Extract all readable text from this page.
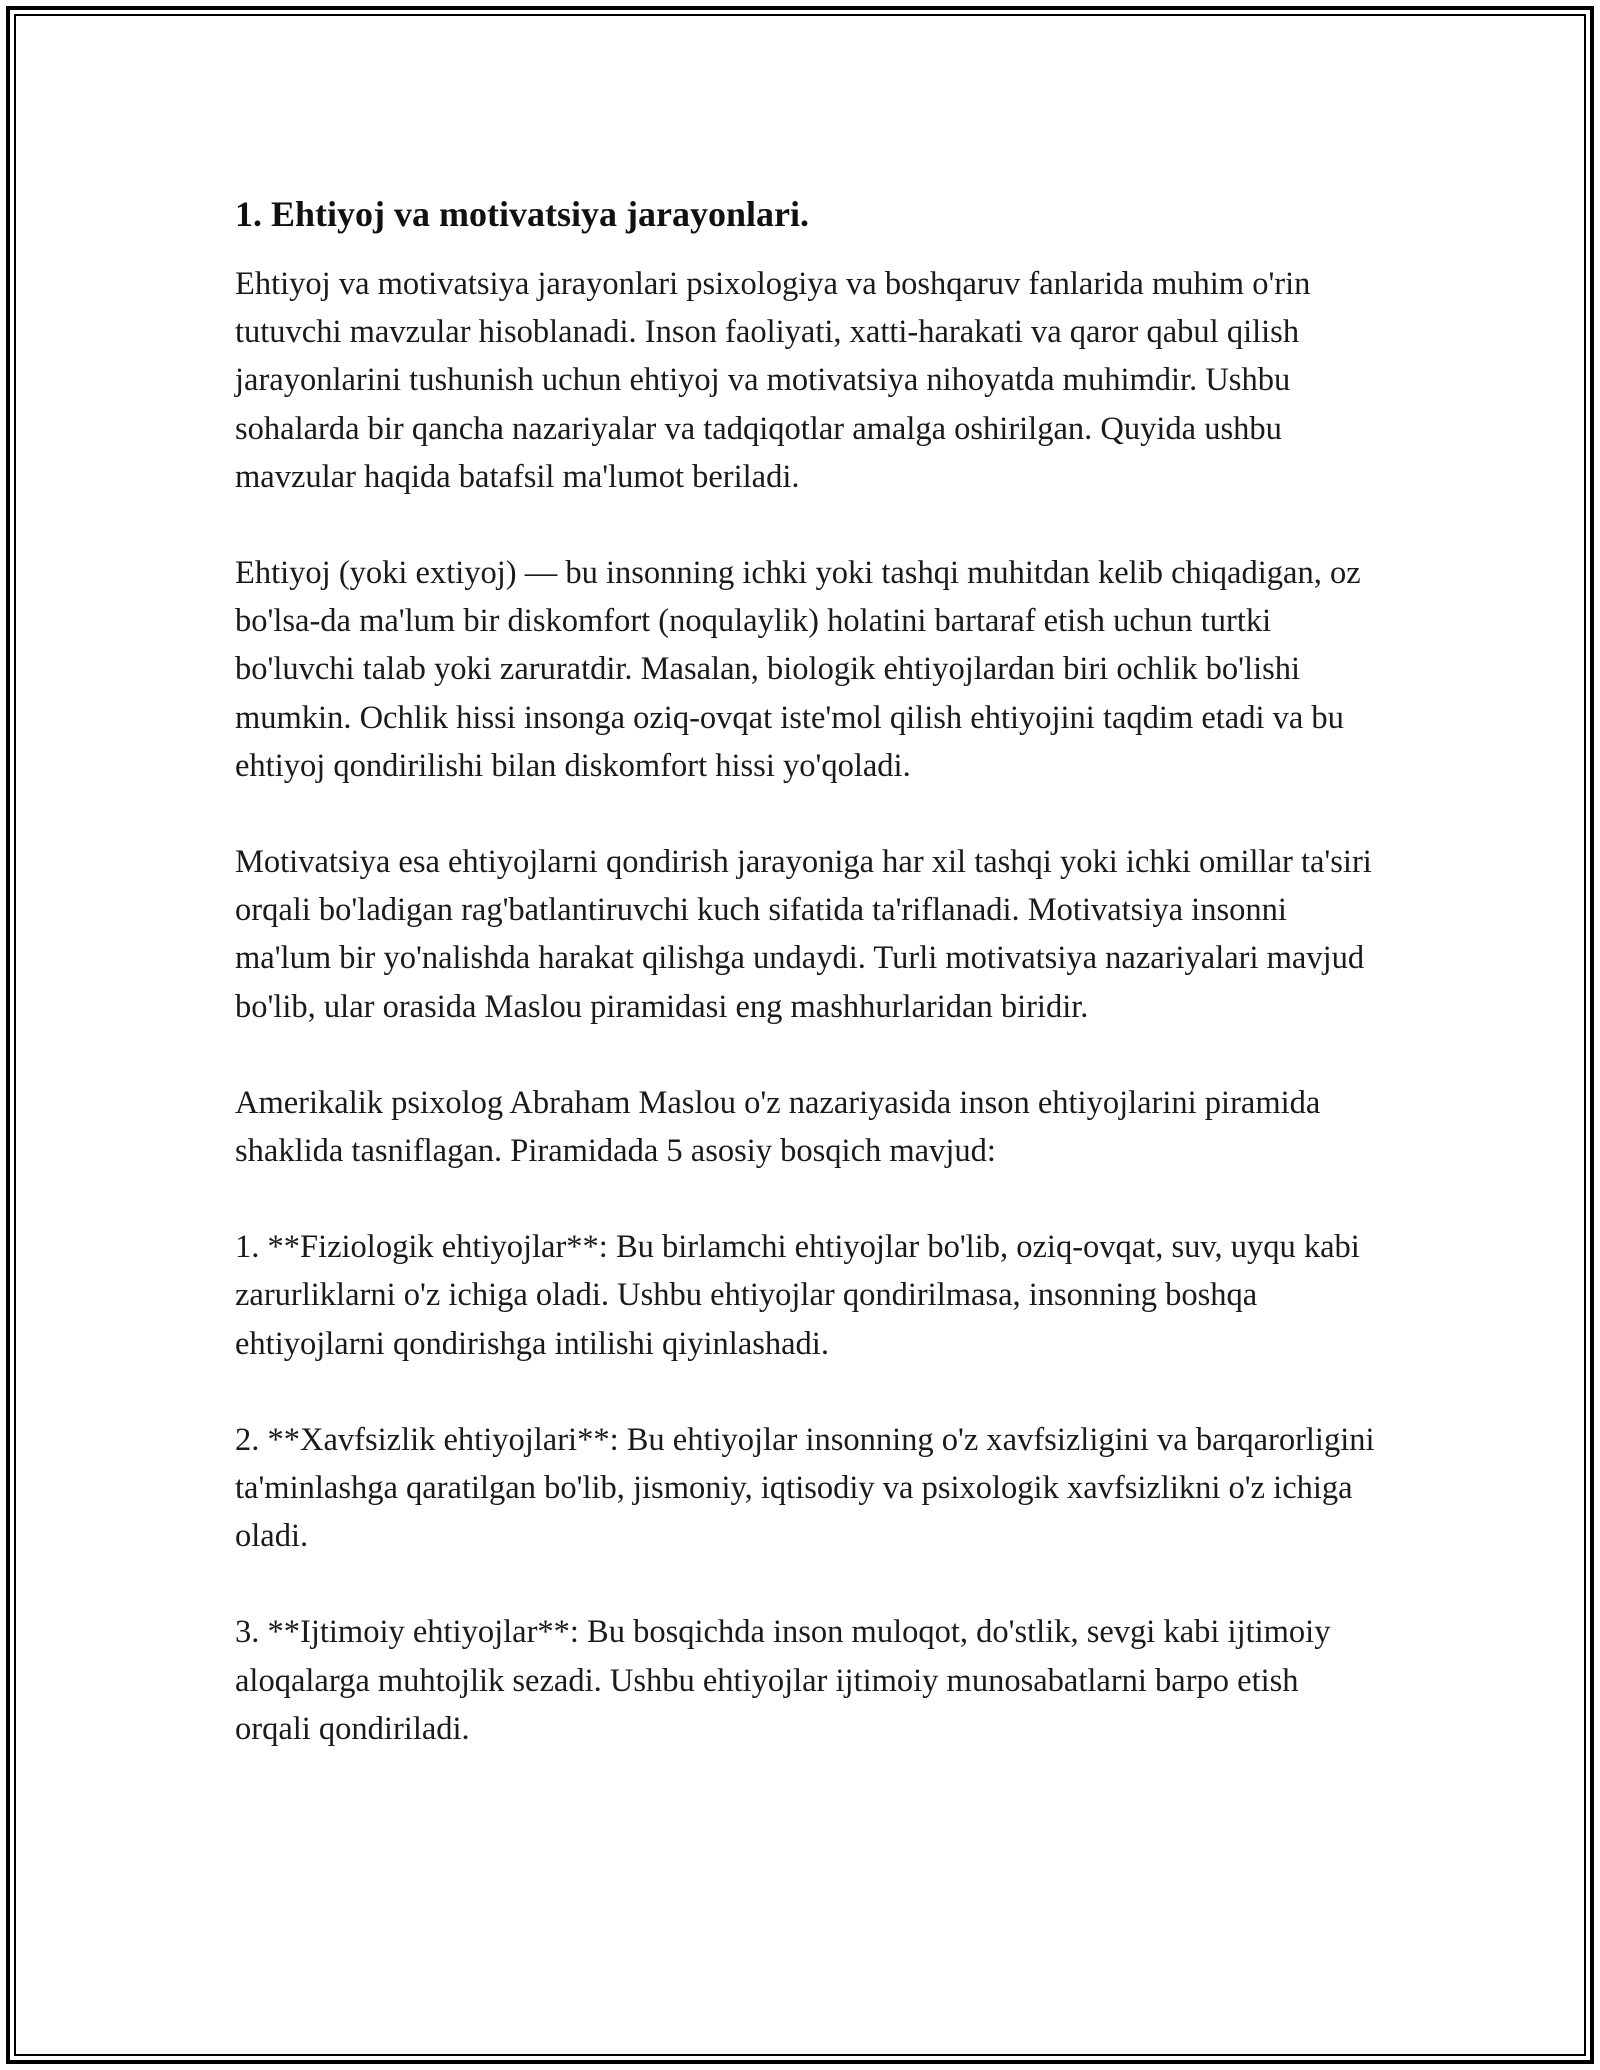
1. Ehtiyoj va motivatsiya jarayonlari.

Ehtiyoj va motivatsiya jarayonlari psixologiya va boshqaruv fanlarida muhim o'rin tutuvchi mavzular hisoblanadi. Inson faoliyati, xatti-harakati va qaror qabul qilish jarayonlarini tushunish uchun ehtiyoj va motivatsiya nihoyatda muhimdir. Ushbu sohalarda bir qancha nazariyalar va tadqiqotlar amalga oshirilgan. Quyida ushbu mavzular haqida batafsil ma'lumot beriladi.

Ehtiyoj (yoki extiyoj) — bu insonning ichki yoki tashqi muhitdan kelib chiqadigan, oz bo'lsa-da ma'lum bir diskomfort (noqulaylik) holatini bartaraf etish uchun turtki bo'luvchi talab yoki zaruratdir. Masalan, biologik ehtiyojlardan biri ochlik bo'lishi mumkin. Ochlik hissi insonga oziq-ovqat iste'mol qilish ehtiyojini taqdim etadi va bu ehtiyoj qondirilishi bilan diskomfort hissi yo'qoladi.

Motivatsiya esa ehtiyojlarni qondirish jarayoniga har xil tashqi yoki ichki omillar ta'siri orqali bo'ladigan rag'batlantiruvchi kuch sifatida ta'riflanadi. Motivatsiya insonni ma'lum bir yo'nalishda harakat qilishga undaydi. Turli motivatsiya nazariyalari mavjud bo'lib, ular orasida Maslou piramidasi eng mashhurlaridan biridir.

Amerikalik psixolog Abraham Maslou o'z nazariyasida inson ehtiyojlarini piramida shaklida tasniflagan. Piramidada 5 asosiy bosqich mavjud:

1. **Fiziologik ehtiyojlar**: Bu birlamchi ehtiyojlar bo'lib, oziq-ovqat, suv, uyqu kabi zarurliklarni o'z ichiga oladi. Ushbu ehtiyojlar qondirilmasa, insonning boshqa ehtiyojlarni qondirishga intilishi qiyinlashadi.

2. **Xavfsizlik ehtiyojlari**: Bu ehtiyojlar insonning o'z xavfsizligini va barqarorligini ta'minlashga qaratilgan bo'lib, jismoniy, iqtisodiy va psixologik xavfsizlikni o'z ichiga oladi.

3. **Ijtimoiy ehtiyojlar**: Bu bosqichda inson muloqot, do'stlik, sevgi kabi ijtimoiy aloqalarga muhtojlik sezadi. Ushbu ehtiyojlar ijtimoiy munosabatlarni barpo etish orqali qondiriladi.
